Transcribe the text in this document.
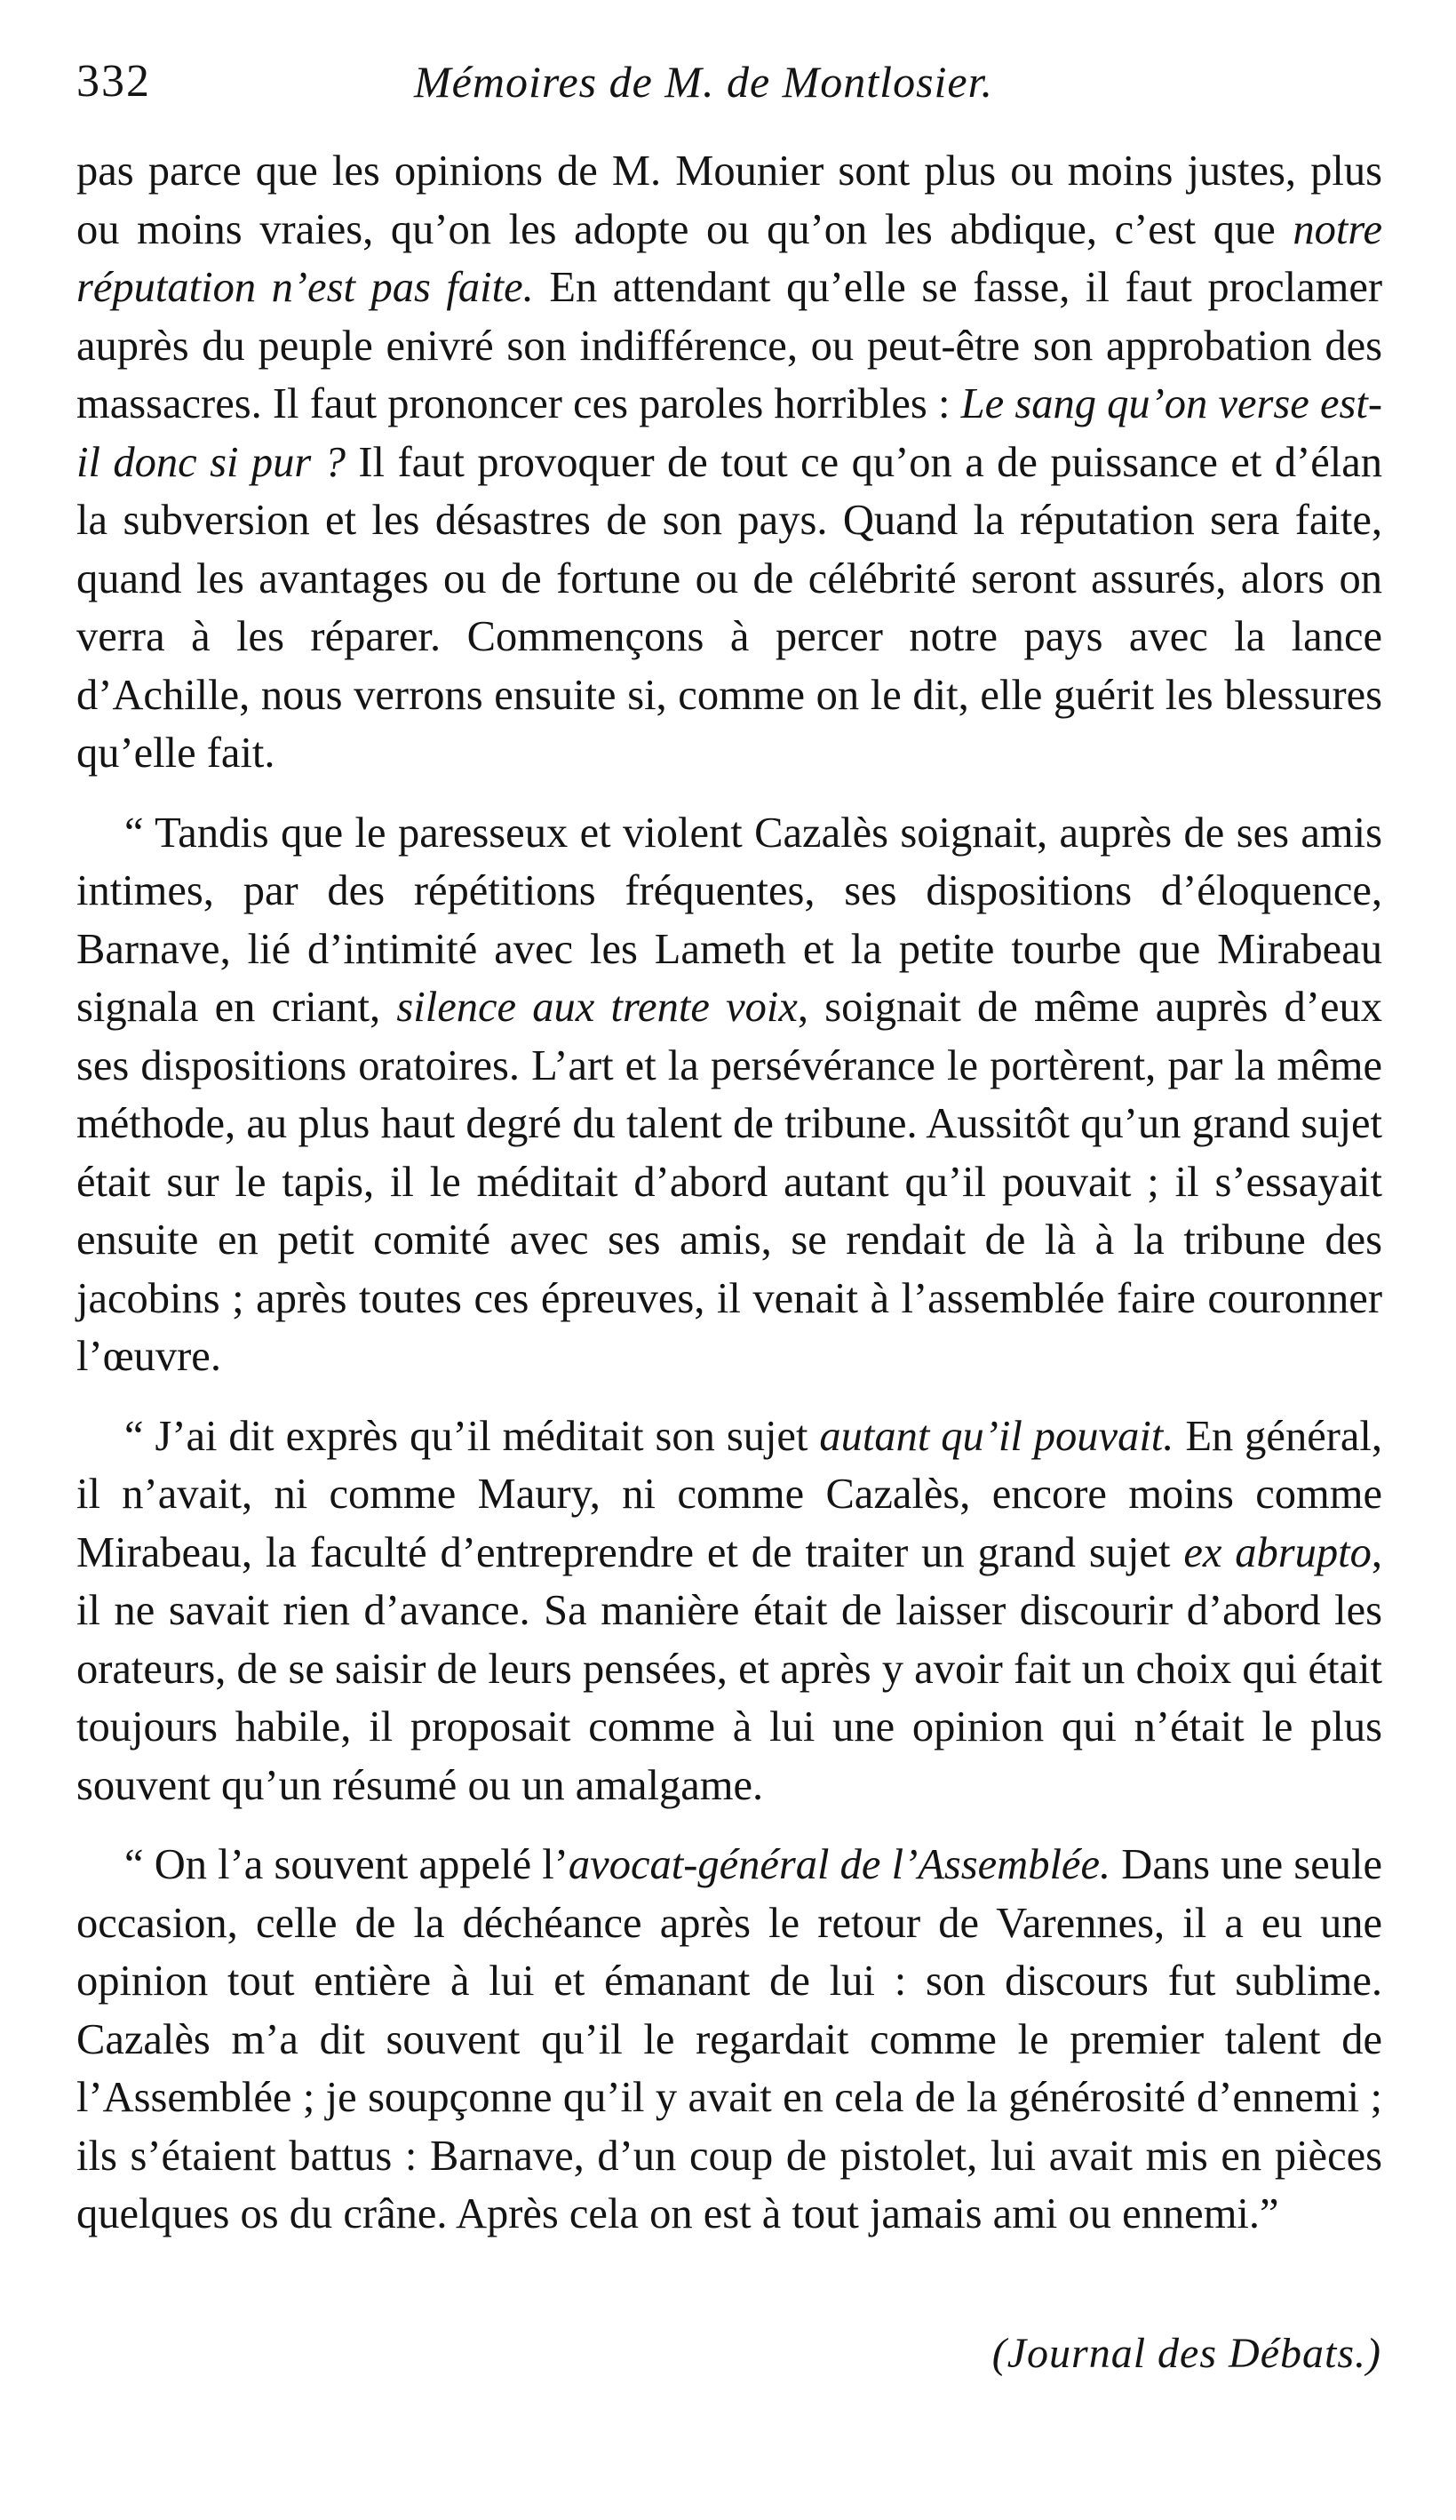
332	Mémoires de M. de Montlosier.

pas parce que les opinions de M. Mounier sont plus ou moins justes, plus ou moins vraies, qu’on les adopte ou qu’on les abdique, c’est que notre réputation n’est pas faite. En attendant qu’elle se fasse, il faut proclamer auprès du peuple enivré son indifférence, ou peut-être son approbation des massacres. Il faut prononcer ces paroles horribles : Le sang qu’on verse est-il donc si pur ? Il faut provoquer de tout ce qu’on a de puissance et d’élan la subversion et les désastres de son pays. Quand la réputation sera faite, quand les avantages ou de fortune ou de célébrité seront assurés, alors on verra à les réparer. Commençons à percer notre pays avec la lance d’Achille, nous verrons ensuite si, comme on le dit, elle guérit les blessures qu’elle fait.

“ Tandis que le paresseux et violent Cazalès soignait, auprès de ses amis intimes, par des répétitions fréquentes, ses dispositions d’éloquence, Barnave, lié d’intimité avec les Lameth et la petite tourbe que Mirabeau signala en criant, silence aux trente voix, soignait de même auprès d’eux ses dispositions oratoires. L’art et la persévérance le portèrent, par la même méthode, au plus haut degré du talent de tribune. Aussitôt qu’un grand sujet était sur le tapis, il le méditait d’abord autant qu’il pouvait ; il s’essayait ensuite en petit comité avec ses amis, se rendait de là à la tribune des jacobins ; après toutes ces épreuves, il venait à l’assemblée faire couronner l’œuvre.

“ J’ai dit exprès qu’il méditait son sujet autant qu’il pouvait. En général, il n’avait, ni comme Maury, ni comme Cazalès, encore moins comme Mirabeau, la faculté d’entreprendre et de traiter un grand sujet ex abrupto, il ne savait rien d’avance. Sa manière était de laisser discourir d’abord les orateurs, de se saisir de leurs pensées, et après y avoir fait un choix qui était toujours habile, il proposait comme à lui une opinion qui n’était le plus souvent qu’un résumé ou un amalgame.

“ On l’a souvent appelé l’avocat-général de l’Assemblée. Dans une seule occasion, celle de la déchéance après le retour de Varennes, il a eu une opinion tout entière à lui et émanant de lui : son discours fut sublime. Cazalès m’a dit souvent qu’il le regardait comme le premier talent de l’Assemblée ; je soupçonne qu’il y avait en cela de la générosité d’ennemi ; ils s’étaient battus : Barnave, d’un coup de pistolet, lui avait mis en pièces quelques os du crâne. Après cela on est à tout jamais ami ou ennemi.”

(Journal des Débats.)
